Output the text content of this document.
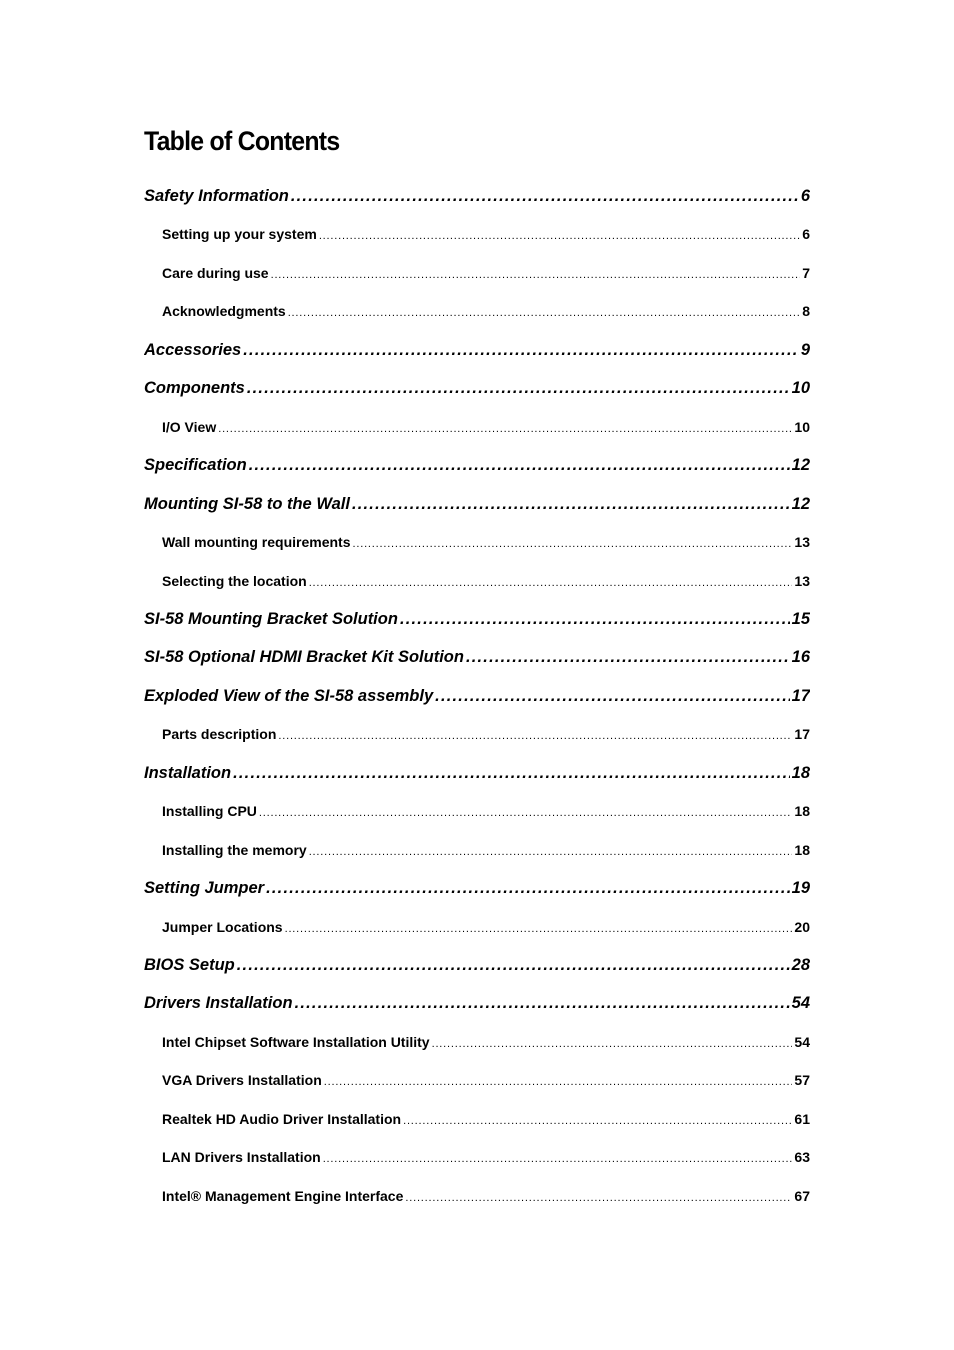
Table of Contents
Safety Information .....	6
Setting up your system .....	6
Care during use .....	7
Acknowledgments .....	8
Accessories .....	9
Components .....	10
I/O View .....	10
Specification .....	12
Mounting SI-58 to the Wall .....	12
Wall mounting requirements .....	13
Selecting the location .....	13
SI-58 Mounting Bracket Solution .....	15
SI-58 Optional HDMI Bracket Kit Solution .....	16
Exploded View of the SI-58 assembly .....	17
Parts description .....	17
Installation .....	18
Installing CPU .....	18
Installing the memory .....	18
Setting Jumper .....	19
Jumper Locations .....	20
BIOS Setup .....	28
Drivers Installation .....	54
Intel Chipset Software Installation Utility .....	54
VGA Drivers Installation .....	57
Realtek HD Audio Driver Installation .....	61
LAN Drivers Installation .....	63
Intel® Management Engine Interface .....	67
